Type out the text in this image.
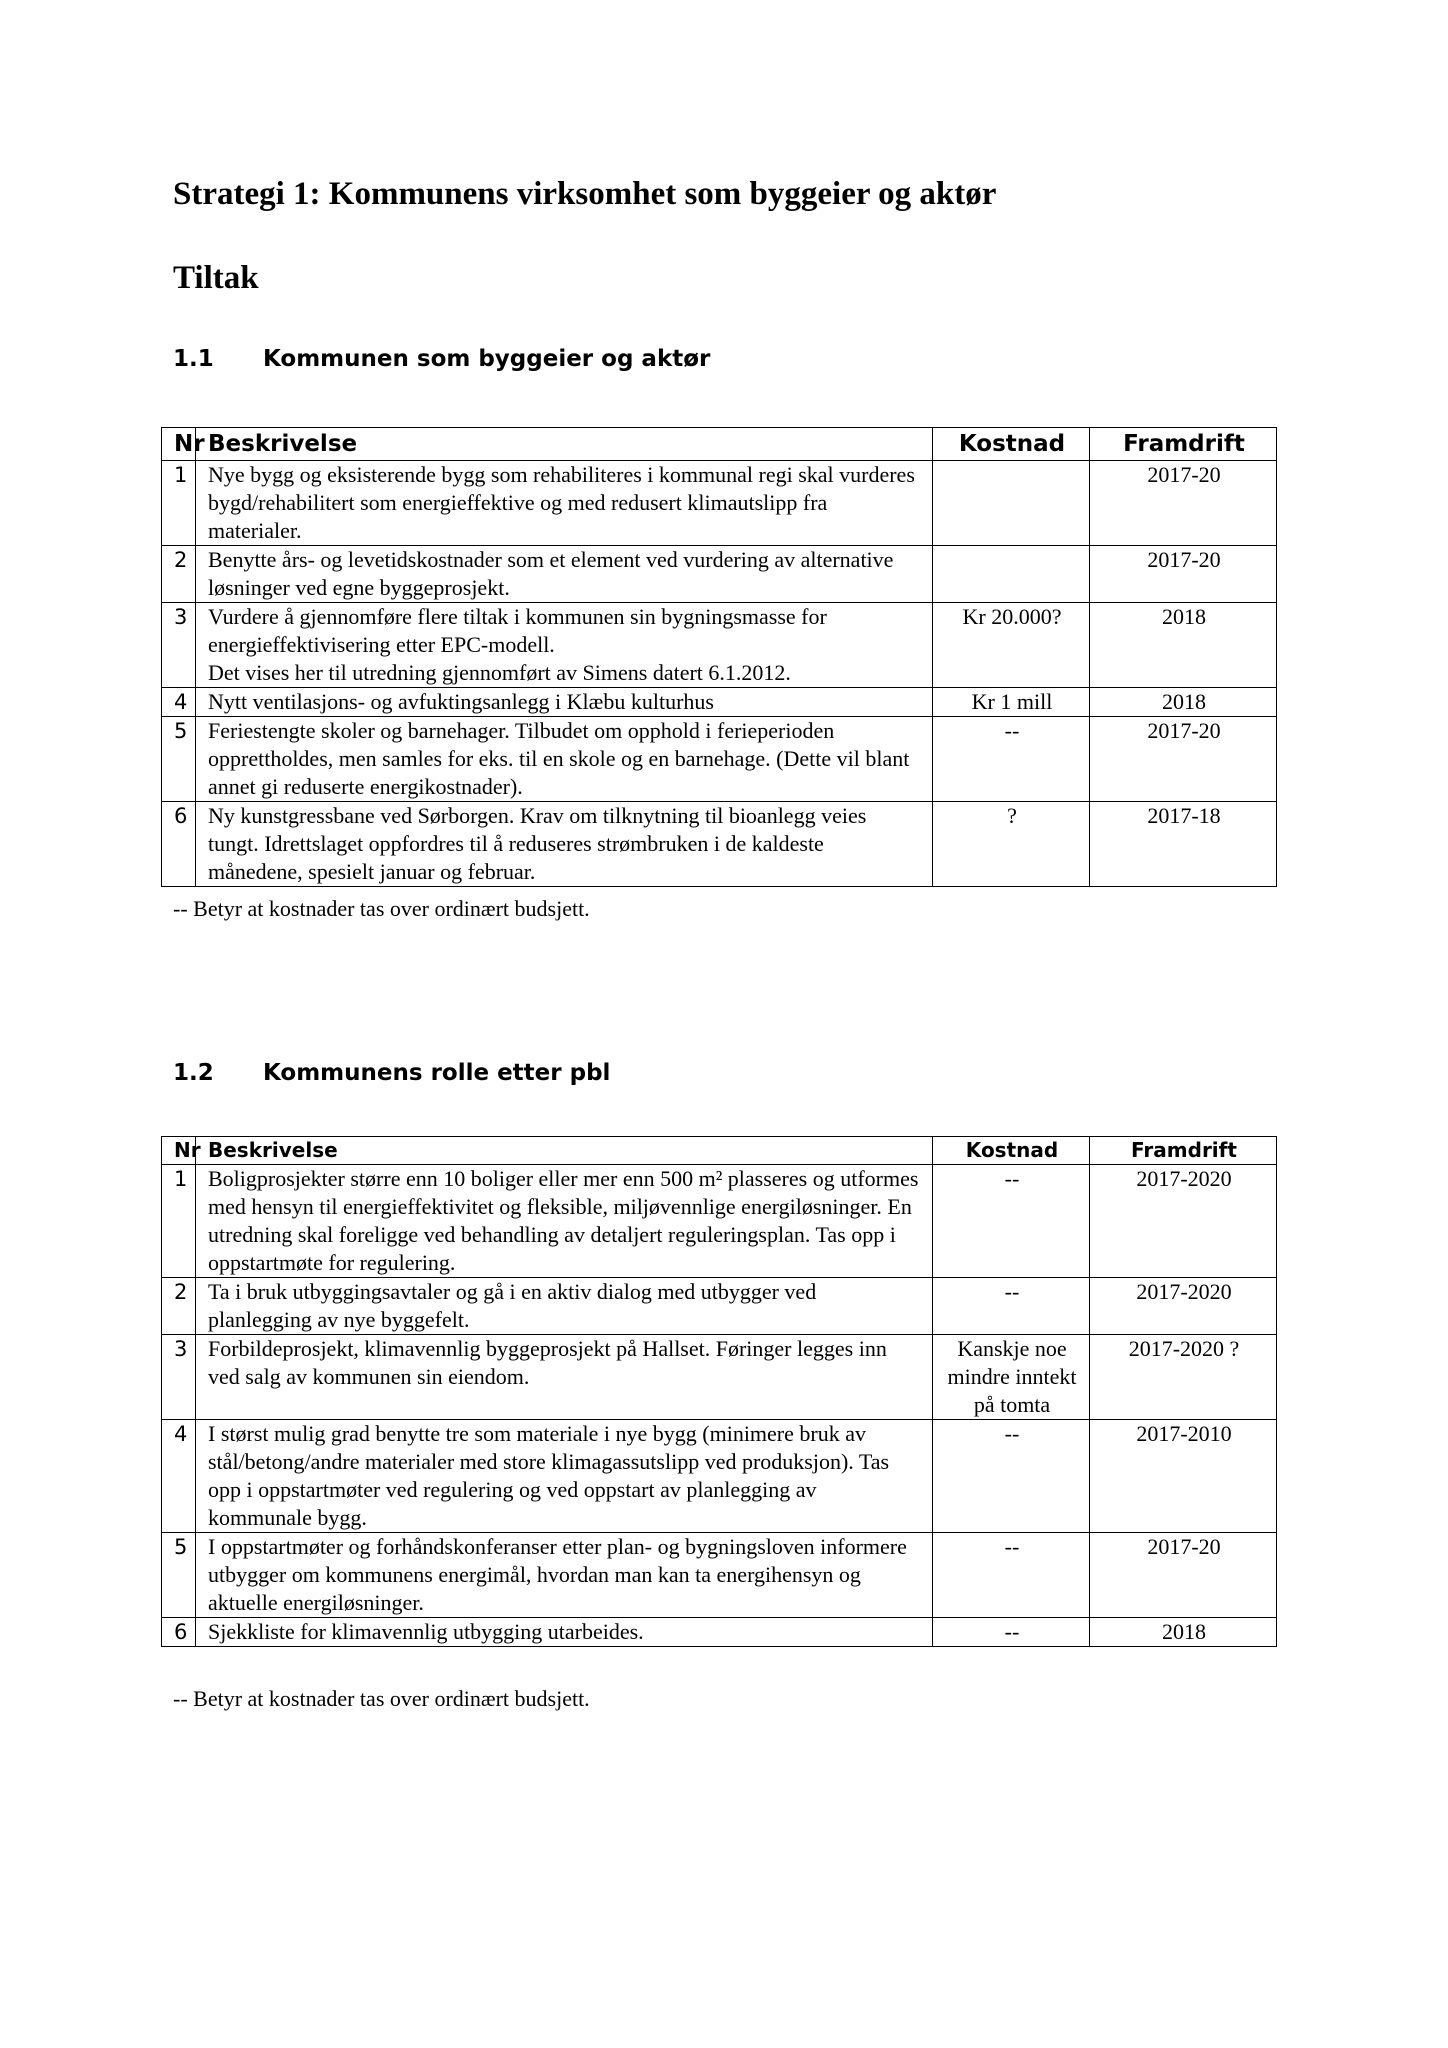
Strategi 1: Kommunens virksomhet som byggeier og aktør
Tiltak
1.1 Kommunen som byggeier og aktør
Nr	Beskrivelse	Kostnad	Framdrift
1	Nye bygg og eksisterende bygg som rehabiliteres i kommunal regi skal vurderes bygd/rehabilitert som energieffektive og med redusert klimautslipp fra materialer.		2017-20
2	Benytte års- og levetidskostnader som et element ved vurdering av alternative løsninger ved egne byggeprosjekt.		2017-20
3	Vurdere å gjennomføre flere tiltak i kommunen sin bygningsmasse for energieffektivisering etter EPC-modell.
Det vises her til utredning gjennomført av Simens datert 6.1.2012.	Kr 20.000?	2018
4	Nytt ventilasjons- og avfuktingsanlegg i Klæbu kulturhus	Kr 1 mill	2018
5	Feriestengte skoler og barnehager. Tilbudet om opphold i ferieperioden opprettholdes, men samles for eks. til en skole og en barnehage. (Dette vil blant annet gi reduserte energikostnader).	--	2017-20
6	Ny kunstgressbane ved Sørborgen. Krav om tilknytning til bioanlegg veies tungt. Idrettslaget oppfordres til å reduseres strømbruken i de kaldeste månedene, spesielt januar og februar.	?	2017-18

-- Betyr at kostnader tas over ordinært budsjett.

1.2 Kommunens rolle etter pbl
Nr	Beskrivelse	Kostnad	Framdrift
1	Boligprosjekter større enn 10 boliger eller mer enn 500 m² plasseres og utformes med hensyn til energieffektivitet og fleksible, miljøvennlige energiløsninger. En utredning skal foreligge ved behandling av detaljert reguleringsplan. Tas opp i oppstartmøte for regulering.	--	2017-2020
2	Ta i bruk utbyggingsavtaler og gå i en aktiv dialog med utbygger ved planlegging av nye byggefelt.	--	2017-2020
3	Forbildeprosjekt, klimavennlig byggeprosjekt på Hallset. Føringer legges inn ved salg av kommunen sin eiendom.	Kanskje noe mindre inntekt på tomta	2017-2020 ?
4	I størst mulig grad benytte tre som materiale i nye bygg (minimere bruk av stål/betong/andre materialer med store klimagassutslipp ved produksjon). Tas opp i oppstartmøter ved regulering og ved oppstart av planlegging av kommunale bygg.	--	2017-2010
5	I oppstartmøter og forhåndskonferanser etter plan- og bygningsloven informere utbygger om kommunens energimål, hvordan man kan ta energihensyn og aktuelle energiløsninger.	--	2017-20
6	Sjekkliste for klimavennlig utbygging utarbeides.	--	2018

-- Betyr at kostnader tas over ordinært budsjett.
